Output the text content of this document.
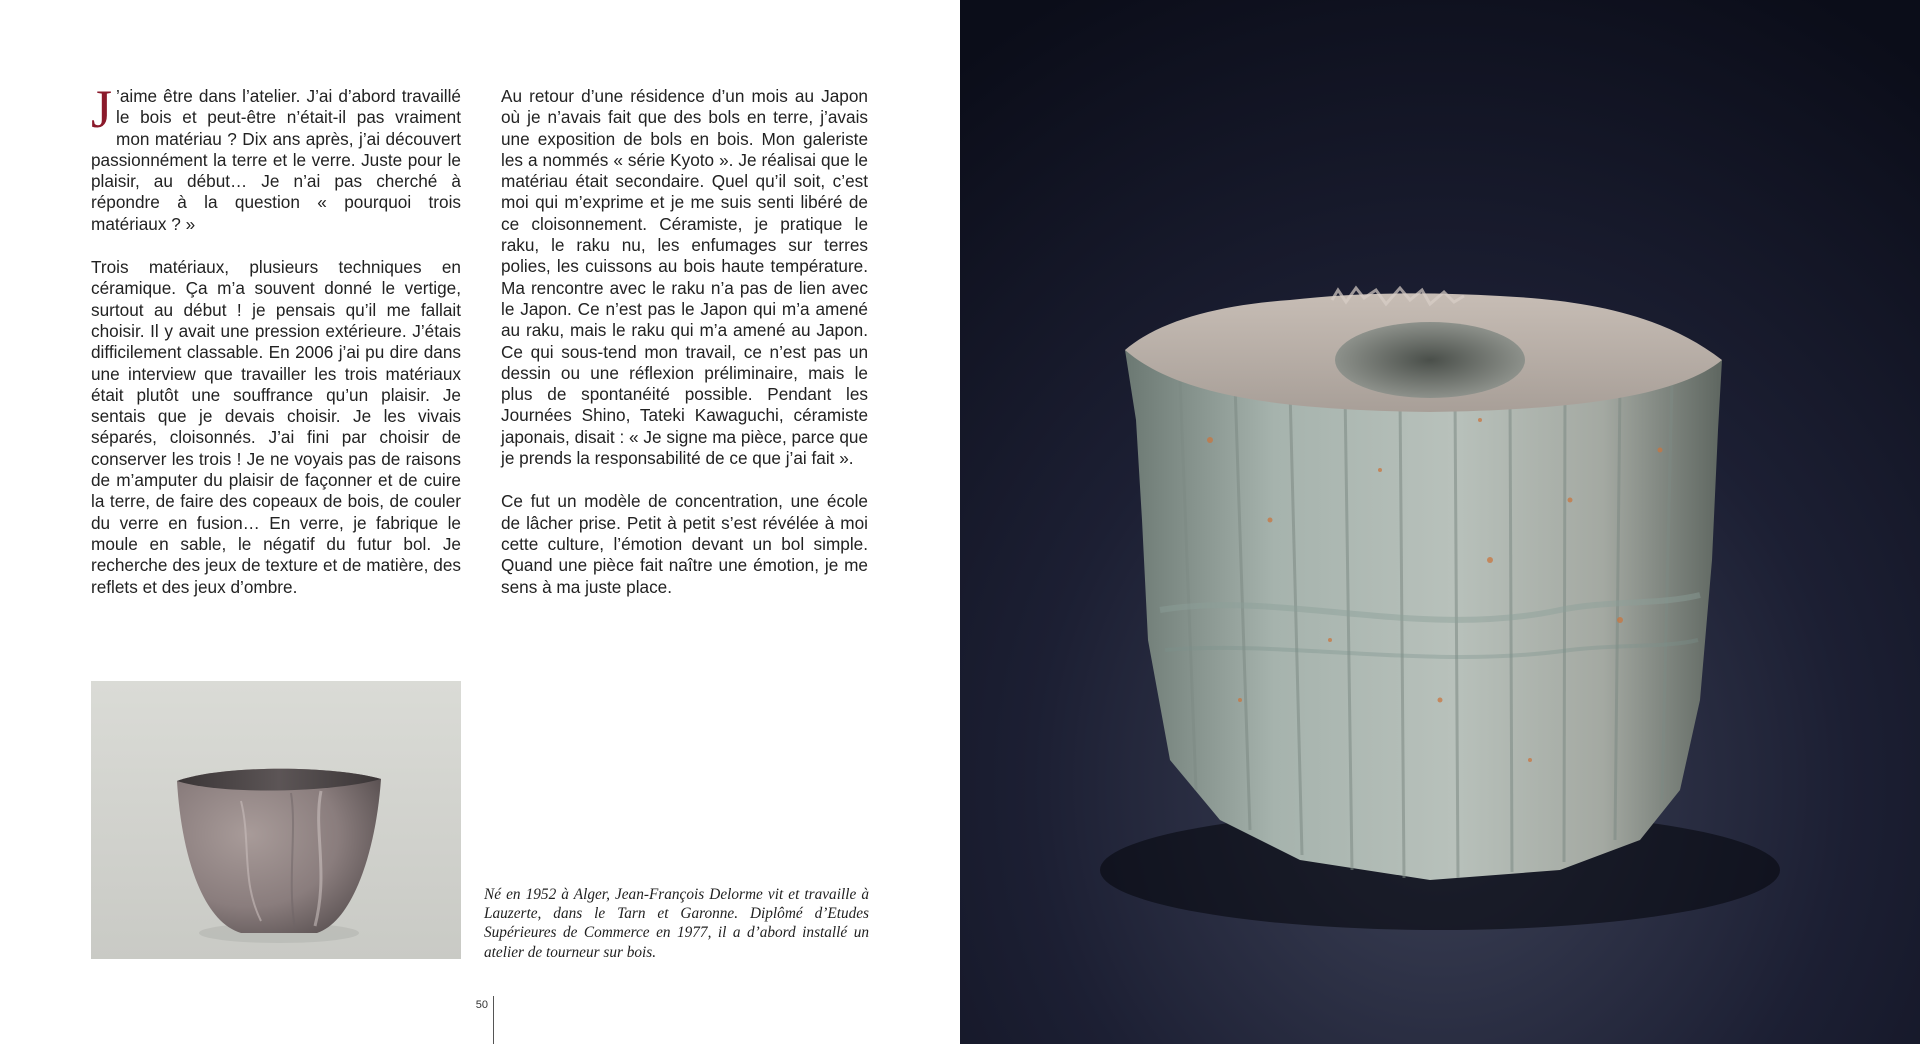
J ’aime être dans l’atelier. J’ai d’abord travaillé le bois et peut-être n’était-il pas vraiment mon matériau ? Dix ans après, j’ai découvert passionnément la terre et le verre. Juste pour le plaisir, au début… Je n’ai pas cherché à répondre à la question « pourquoi trois matériaux ? »

Trois matériaux, plusieurs techniques en céramique. Ça m’a souvent donné le vertige, surtout au début ! je pensais qu’il me fallait choisir. Il y avait une pression extérieure. J’étais difficilement classable. En 2006 j’ai pu dire dans une interview que travailler les trois matériaux était plutôt une souffrance qu’un plaisir. Je sentais que je devais choisir. Je les vivais séparés, cloisonnés. J’ai fini par choisir de conserver les trois ! Je ne voyais pas de raisons de m’amputer du plaisir de façonner et de cuire la terre, de faire des copeaux de bois, de couler du verre en fusion… En verre, je fabrique le moule en sable, le négatif du futur bol. Je recherche des jeux de texture et de matière, des reflets et des jeux d’ombre.

Au retour d’une résidence d’un mois au Japon où je n’avais fait que des bols en terre, j’avais une exposition de bols en bois. Mon galeriste les a nommés « série Kyoto ». Je réalisai que le matériau était secondaire. Quel qu’il soit, c’est moi qui m’exprime et je me suis senti libéré de ce cloisonnement. Céramiste, je pratique le raku, le raku nu, les enfumages sur terres polies, les cuissons au bois haute température. Ma rencontre avec le raku n’a pas de lien avec le Japon. Ce n’est pas le Japon qui m’a amené au raku, mais le raku qui m’a amené au Japon. Ce qui sous-tend mon travail, ce n’est pas un dessin ou une réflexion préliminaire, mais le plus de spontanéité possible. Pendant les Journées Shino, Tateki Kawaguchi, céramiste japonais, disait : « Je signe ma pièce, parce que je prends la responsabilité de ce que j’ai fait ».

Ce fut un modèle de concentration, une école de lâcher prise. Petit à petit s’est révélée à moi cette culture, l’émotion devant un bol simple. Quand une pièce fait naître une émotion, je me sens à ma juste place.

Né en 1952 à Alger, Jean-François Delorme vit et travaille à Lauzerte, dans le Tarn et Garonne. Diplômé d’Etudes Supérieures de Commerce en 1977, il a d’abord installé un atelier de tourneur sur bois.
50
